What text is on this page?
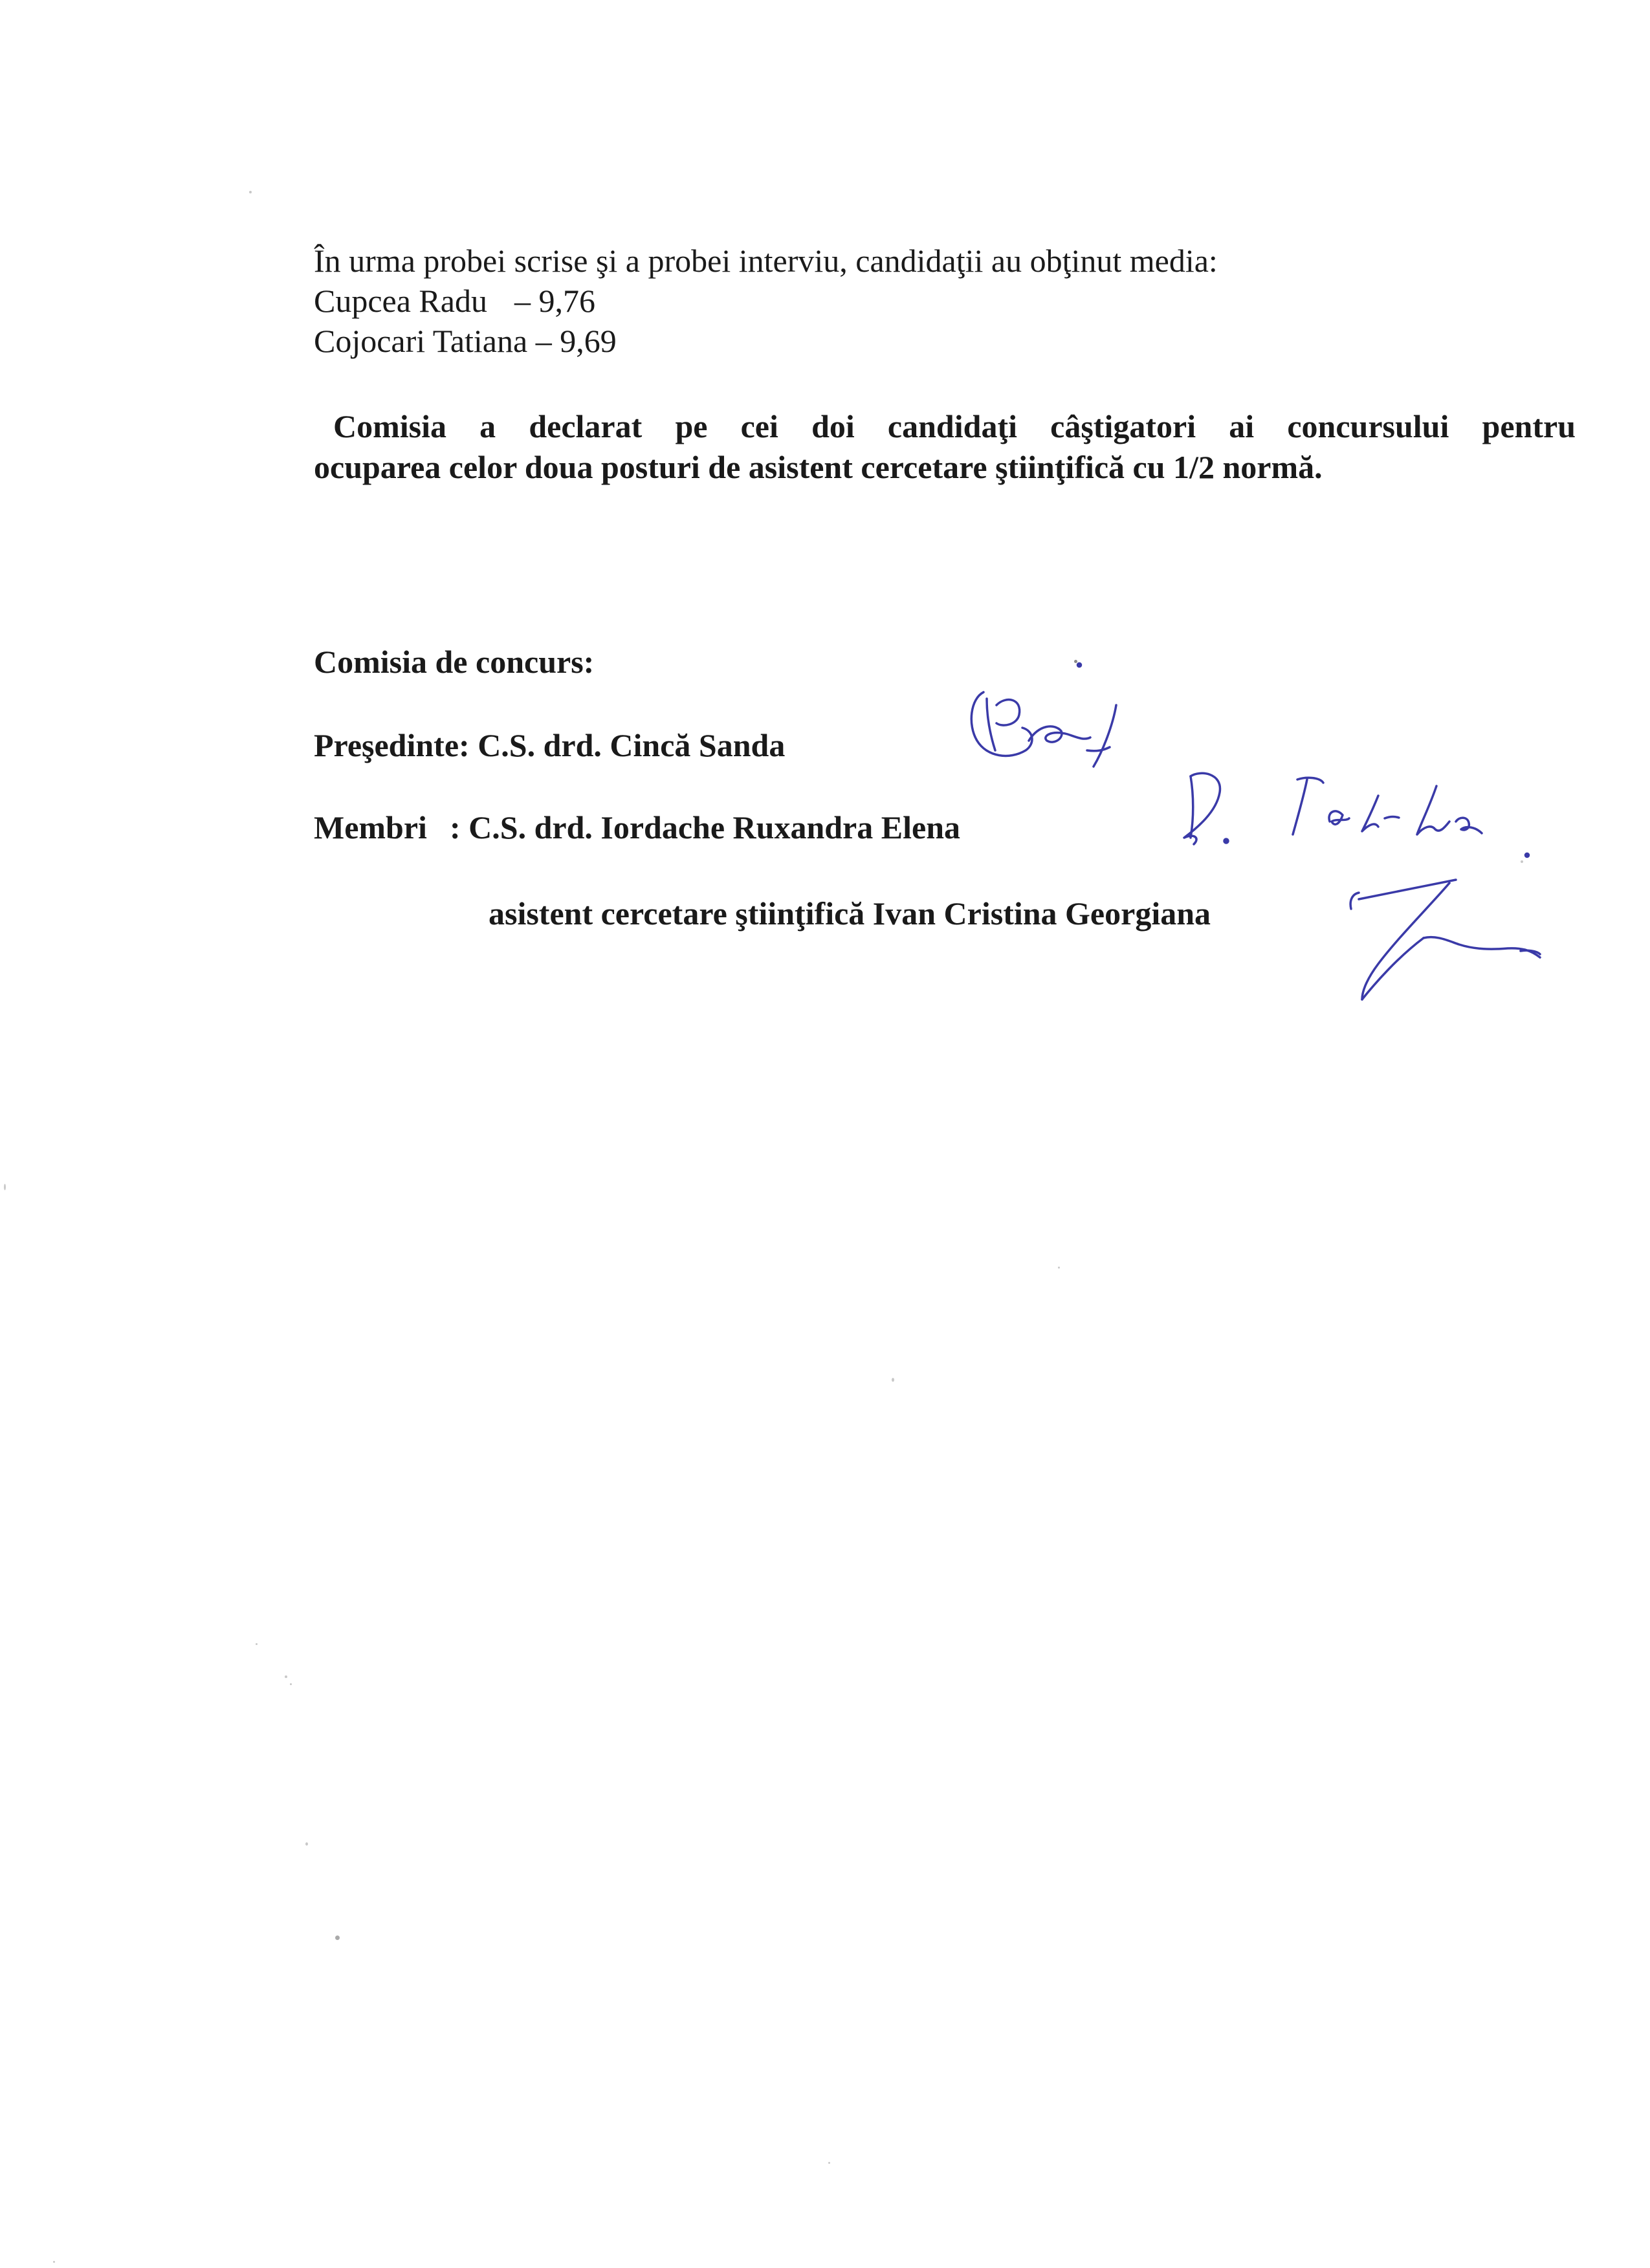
În urma probei scrise şi a probei interviu, candidaţii au obţinut media:

Cupcea Radu – 9,76

Cojocari Tatiana – 9,69

Comisia a declarat pe cei doi candidaţi câştigatori ai concursului pentru

ocuparea celor doua posturi de asistent cercetare ştiinţifică cu 1/2 normă.

Comisia de concurs:

Preşedinte: C.S. drd. Cincă Sanda

Membri : C.S. drd. Iordache Ruxandra Elena

asistent cercetare ştiinţifică Ivan Cristina Georgiana
